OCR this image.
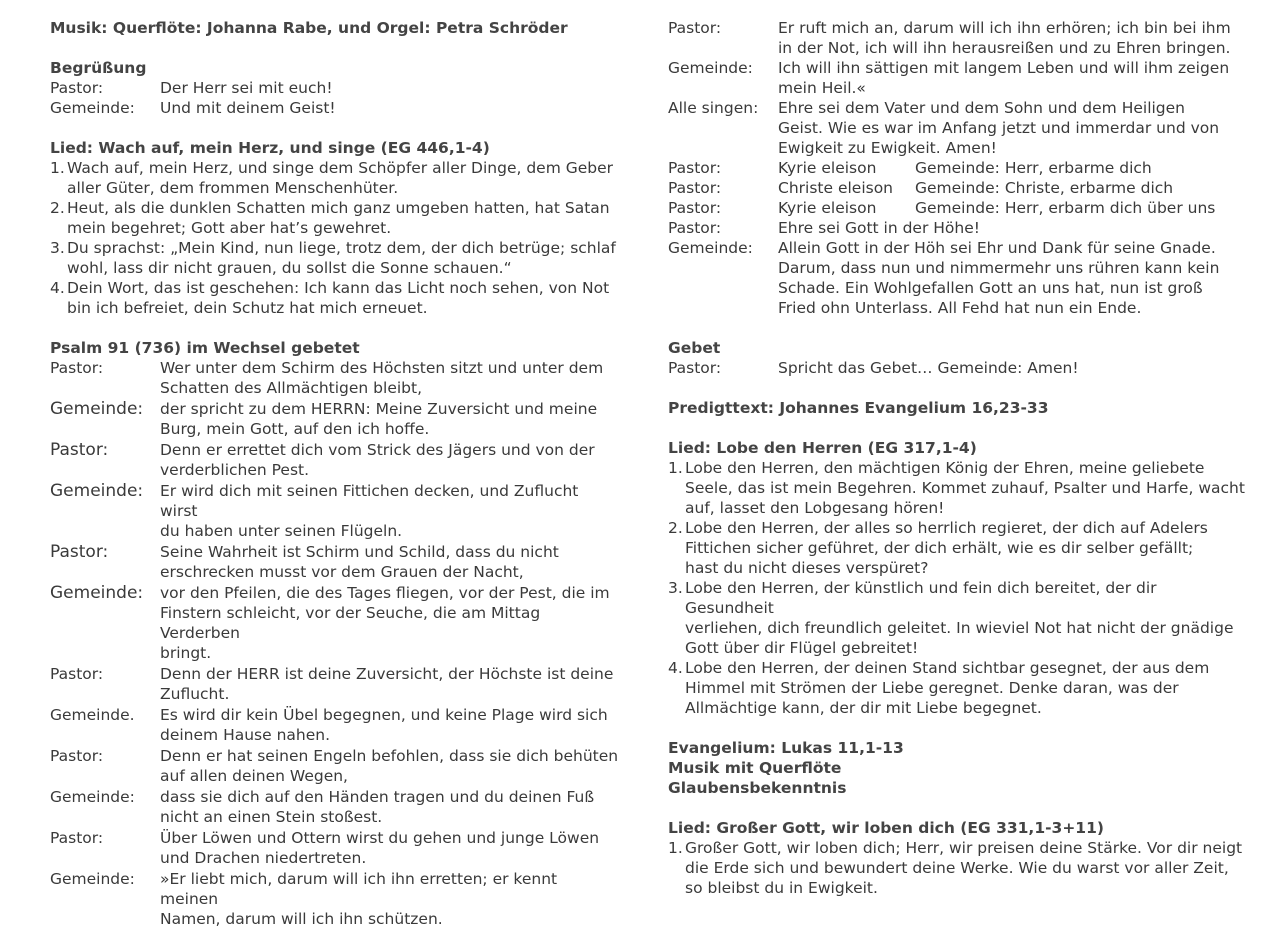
Musik: Querflöte: Johanna Rabe, und Orgel: Petra Schröder
Begrüßung
Pastor:	Der Herr sei mit euch!
Gemeinde:	Und mit deinem Geist!
Lied: Wach auf, mein Herz, und singe (EG 446,1-4)
1. Wach auf, mein Herz, und singe dem Schöpfer aller Dinge, dem Geber
aller Güter, dem frommen Menschenhüter.
2. Heut, als die dunklen Schatten mich ganz umgeben hatten, hat Satan
mein begehret; Gott aber hat’s gewehret.
3. Du sprachst: „Mein Kind, nun liege, trotz dem, der dich betrüge; schlaf
wohl, lass dir nicht grauen, du sollst die Sonne schauen.“
4. Dein Wort, das ist geschehen: Ich kann das Licht noch sehen, von Not
bin ich befreiet, dein Schutz hat mich erneuet.
Psalm 91 (736) im Wechsel gebetet
Pastor:	Wer unter dem Schirm des Höchsten sitzt und unter dem
Schatten des Allmächtigen bleibt,
Gemeinde:	der spricht zu dem HERRN: Meine Zuversicht und meine
Burg, mein Gott, auf den ich hoffe.
Pastor:	Denn er errettet dich vom Strick des Jägers und von der
verderblichen Pest.
Gemeinde:	Er wird dich mit seinen Fittichen decken, und Zuflucht wirst
du haben unter seinen Flügeln.
Pastor:	Seine Wahrheit ist Schirm und Schild, dass du nicht
erschrecken musst vor dem Grauen der Nacht,
Gemeinde:	vor den Pfeilen, die des Tages fliegen, vor der Pest, die im
Finstern schleicht, vor der Seuche, die am Mittag Verderben
bringt.
Pastor:	Denn der HERR ist deine Zuversicht, der Höchste ist deine
Zuflucht.
Gemeinde.	Es wird dir kein Übel begegnen, und keine Plage wird sich
deinem Hause nahen.
Pastor:	Denn er hat seinen Engeln befohlen, dass sie dich behüten
auf allen deinen Wegen,
Gemeinde:	dass sie dich auf den Händen tragen und du deinen Fuß
nicht an einen Stein stoßest.
Pastor:	Über Löwen und Ottern wirst du gehen und junge Löwen
und Drachen niedertreten.
Gemeinde:	»Er liebt mich, darum will ich ihn erretten; er kennt meinen
Namen, darum will ich ihn schützen.
Pastor:	Er ruft mich an, darum will ich ihn erhören; ich bin bei ihm
in der Not, ich will ihn herausreißen und zu Ehren bringen.
Gemeinde:	Ich will ihn sättigen mit langem Leben und will ihm zeigen
mein Heil.«
Alle singen:	Ehre sei dem Vater und dem Sohn und dem Heiligen
Geist. Wie es war im Anfang jetzt und immerdar und von
Ewigkeit zu Ewigkeit. Amen!
Pastor:	Kyrie eleison	Gemeinde: Herr, erbarme dich
Pastor:	Christe eleison	Gemeinde: Christe, erbarme dich
Pastor:	Kyrie eleison	Gemeinde: Herr, erbarm dich über uns
Pastor:	Ehre sei Gott in der Höhe!
Gemeinde:	Allein Gott in der Höh sei Ehr und Dank für seine Gnade.
Darum, dass nun und nimmermehr uns rühren kann kein
Schade. Ein Wohlgefallen Gott an uns hat, nun ist groß
Fried ohn Unterlass. All Fehd hat nun ein Ende.
Gebet
Pastor:	Spricht das Gebet… Gemeinde: Amen!
Predigttext: Johannes Evangelium 16,23-33
Lied: Lobe den Herren (EG 317,1-4)
1. Lobe den Herren, den mächtigen König der Ehren, meine geliebete
Seele, das ist mein Begehren. Kommet zuhauf, Psalter und Harfe, wacht
auf, lasset den Lobgesang hören!
2. Lobe den Herren, der alles so herrlich regieret, der dich auf Adelers
Fittichen sicher geführet, der dich erhält, wie es dir selber gefällt;
hast du nicht dieses verspüret?
3. Lobe den Herren, der künstlich und fein dich bereitet, der dir Gesundheit
verliehen, dich freundlich geleitet. In wieviel Not hat nicht der gnädige
Gott über dir Flügel gebreitet!
4. Lobe den Herren, der deinen Stand sichtbar gesegnet, der aus dem
Himmel mit Strömen der Liebe geregnet. Denke daran, was der
Allmächtige kann, der dir mit Liebe begegnet.
Evangelium: Lukas 11,1-13
Musik mit Querflöte
Glaubensbekenntnis
Lied: Großer Gott, wir loben dich (EG 331,1-3+11)
1. Großer Gott, wir loben dich; Herr, wir preisen deine Stärke. Vor dir neigt
die Erde sich und bewundert deine Werke. Wie du warst vor aller Zeit,
so bleibst du in Ewigkeit.
